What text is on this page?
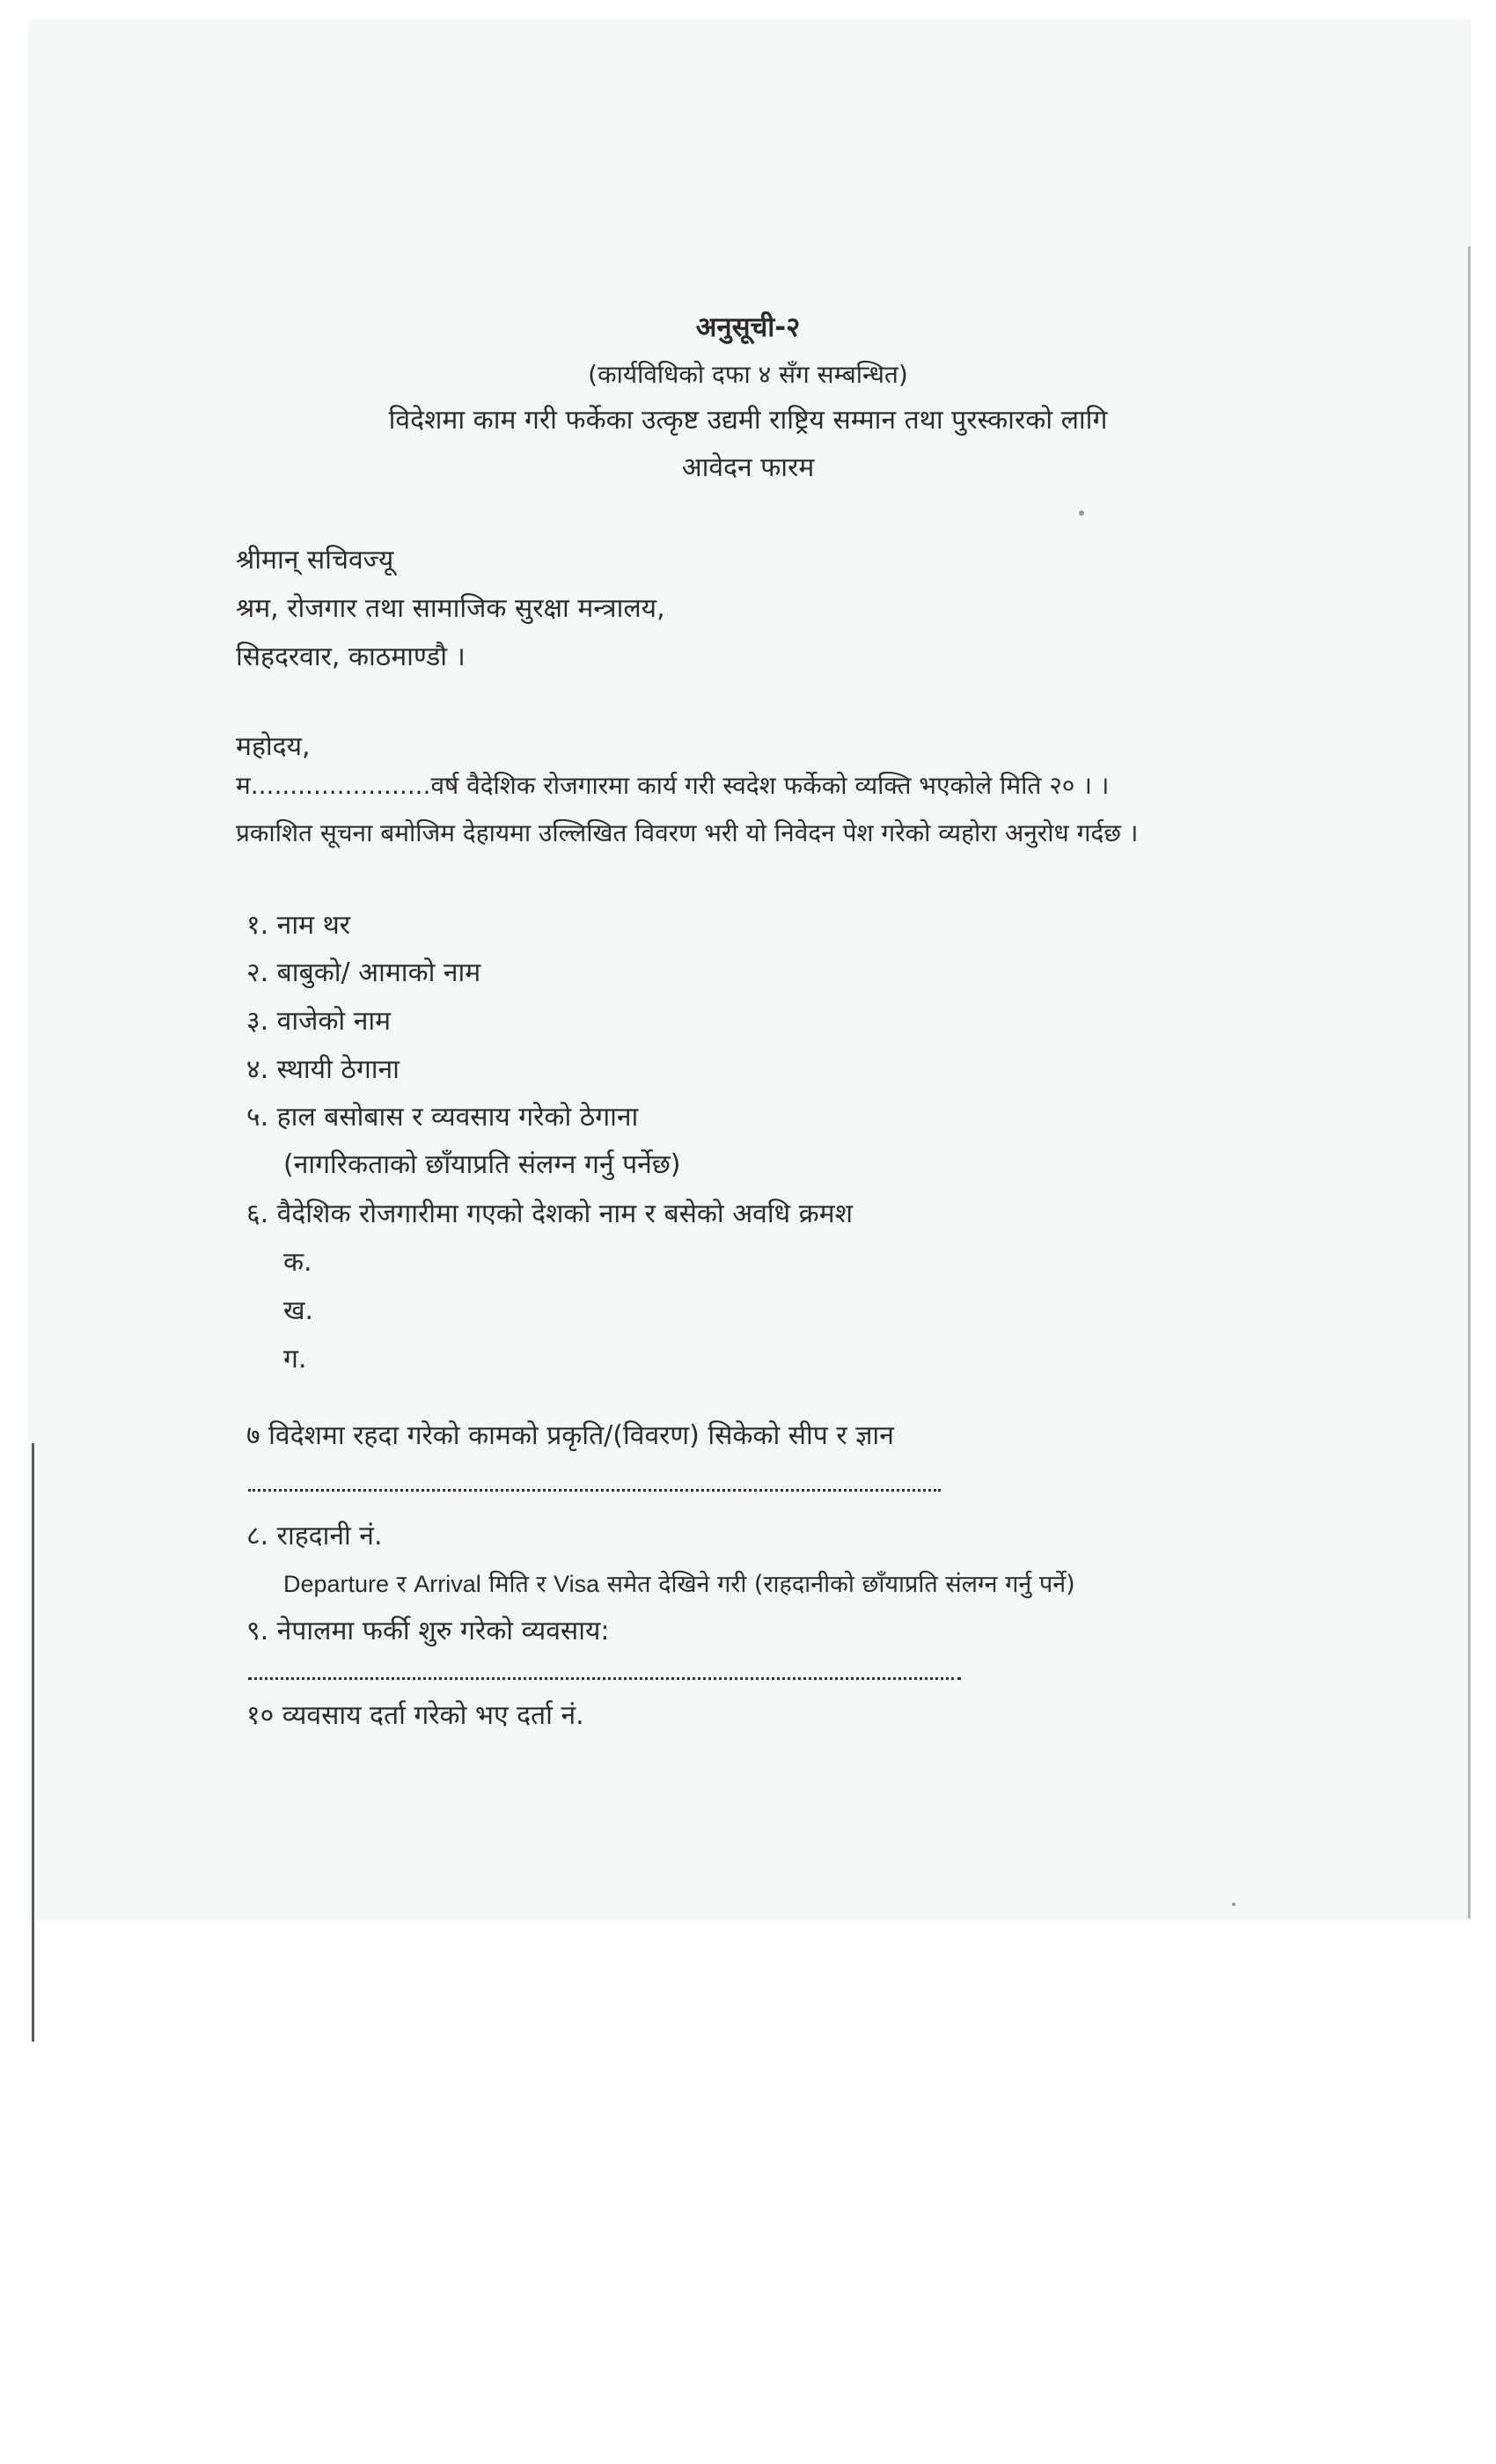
अनुसूची-२
(कार्यविधिको दफा ४ सँग सम्बन्धित)
विदेशमा काम गरी फर्केका उत्कृष्ट उद्यमी राष्ट्रिय सम्मान तथा पुरस्कारको लागि
आवेदन फारम
श्रीमान् सचिवज्यू
श्रम, रोजगार तथा सामाजिक सुरक्षा मन्त्रालय,
सिहदरवार, काठमाण्डौ ।
महोदय,
म.......................वर्ष वैदेशिक रोजगारमा कार्य गरी स्वदेश फर्केको व्यक्ति भएकोले मिति २० । ।
प्रकाशित सूचना बमोजिम देहायमा उल्लिखित विवरण भरी यो निवेदन पेश गरेको व्यहोरा अनुरोध गर्दछ ।
१. नाम थर
२. बाबुको/ आमाको नाम
३. वाजेको नाम
४. स्थायी ठेगाना
५. हाल बसोबास र व्यवसाय गरेको ठेगाना
(नागरिकताको छाँयाप्रति संलग्न गर्नु पर्नेछ)
६. वैदेशिक रोजगारीमा गएको देशको नाम र बसेको अवधि क्रमश
क.
ख.
ग.
७ विदेशमा रहदा गरेको कामको प्रकृति/(विवरण) सिकेको सीप र ज्ञान
८. राहदानी नं.
Departure र Arrival मिति र Visa समेत देखिने गरी (राहदानीको छाँयाप्रति संलग्न गर्नु पर्ने)
९. नेपालमा फर्की शुरु गरेको व्यवसाय:
१० व्यवसाय दर्ता गरेको भए दर्ता नं.
